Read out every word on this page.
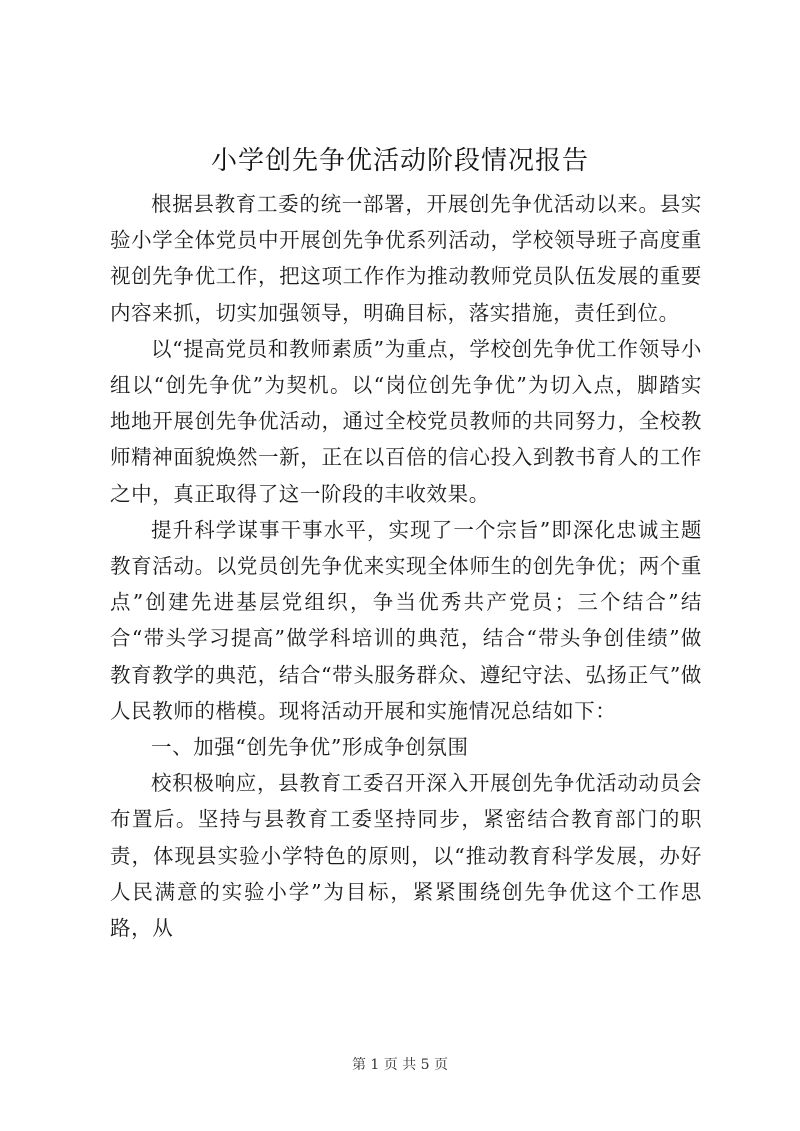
小学创先争优活动阶段情况报告

根据县教育工委的统一部署，开展创先争优活动以来。县实验小学全体党员中开展创先争优系列活动，学校领导班子高度重视创先争优工作，把这项工作作为推动教师党员队伍发展的重要内容来抓，切实加强领导，明确目标，落实措施，责任到位。

以“提高党员和教师素质”为重点，学校创先争优工作领导小组以“创先争优”为契机。以“岗位创先争优”为切入点，脚踏实地地开展创先争优活动，通过全校党员教师的共同努力，全校教师精神面貌焕然一新，正在以百倍的信心投入到教书育人的工作之中，真正取得了这一阶段的丰收效果。

提升科学谋事干事水平，实现了一个宗旨”即深化忠诚主题教育活动。以党员创先争优来实现全体师生的创先争优；两个重点”创建先进基层党组织，争当优秀共产党员；三个结合”结合“带头学习提高”做学科培训的典范，结合“带头争创佳绩”做教育教学的典范，结合“带头服务群众、遵纪守法、弘扬正气”做人民教师的楷模。现将活动开展和实施情况总结如下：

一、加强“创先争优”形成争创氛围

校积极响应，县教育工委召开深入开展创先争优活动动员会布置后。坚持与县教育工委坚持同步，紧密结合教育部门的职责，体现县实验小学特色的原则，以“推动教育科学发展，办好人民满意的实验小学”为目标，紧紧围绕创先争优这个工作思路，从

第 1 页 共 5 页
